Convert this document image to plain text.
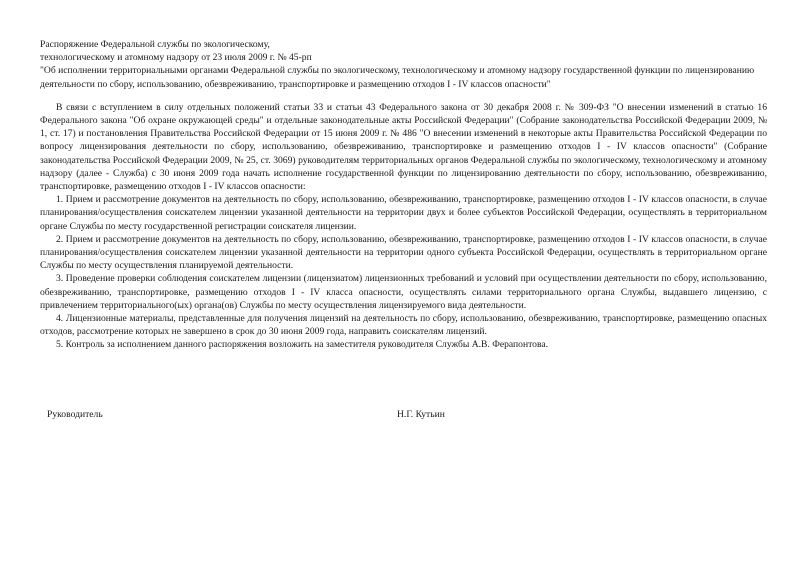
Распоряжение Федеральной службы по экологическому,

технологическому и атомному надзору от 23 июля 2009 г. № 45-рп

"Об исполнении территориальными органами Федеральной службы по экологическому, технологическому и атомному надзору государственной функции по лицензированию деятельности по сбору, использованию, обезвреживанию, транспортировке и размещению отходов I - IV классов опасности"

В связи с вступлением в силу отдельных положений статьи 33 и статьи 43 Федерального закона от 30 декабря 2008 г. № 309-ФЗ "О внесении изменений в статью 16 Федерального закона "Об охране окружающей среды" и отдельные законодательные акты Российской Федерации" (Собрание законодательства Российской Федерации 2009, № 1, ст. 17) и постановления Правительства Российской Федерации от 15 июня 2009 г. № 486 "О внесении изменений в некоторые акты Правительства Российской Федерации по вопросу лицензирования деятельности по сбору, использованию, обезвреживанию, транспортировке и размещению отходов I - IV классов опасности" (Собрание законодательства Российской Федерации 2009, № 25, ст. 3069) руководителям территориальных органов Федеральной службы по экологическому, технологическому и атомному надзору (далее - Служба) с 30 июня 2009 года начать исполнение государственной функции по лицензированию деятельности по сбору, использованию, обезвреживанию, транспортировке, размещению отходов I - IV классов опасности:

1. Прием и рассмотрение документов на деятельность по сбору, использованию, обезвреживанию, транспортировке, размещению отходов I - IV классов опасности, в случае планирования/осуществления соискателем лицензии указанной деятельности на территории двух и более субъектов Российской Федерации, осуществлять в территориальном органе Службы по месту государственной регистрации соискателя лицензии.

2. Прием и рассмотрение документов на деятельность по сбору, использованию, обезвреживанию, транспортировке, размещению отходов I - IV классов опасности, в случае планирования/осуществления соискателем лицензии указанной деятельности на территории одного субъекта Российской Федерации, осуществлять в территориальном органе Службы по месту осуществления планируемой деятельности.

3. Проведение проверки соблюдения соискателем лицензии (лицензиатом) лицензионных требований и условий при осуществлении деятельности по сбору, использованию, обезвреживанию, транспортировке, размещению отходов I - IV класса опасности, осуществлять силами территориального органа Службы, выдавшего лицензию, с привлечением территориального(ых) органа(ов) Службы по месту осуществления лицензируемого вида деятельности.

4. Лицензионные материалы, представленные для получения лицензий на деятельность по сбору, использованию, обезвреживанию, транспортировке, размещению опасных отходов, рассмотрение которых не завершено в срок до 30 июня 2009 года, направить соискателям лицензий.

5. Контроль за исполнением данного распоряжения возложить на заместителя руководителя Службы А.В. Ферапонтова.

Руководитель	Н.Г. Кутьин
